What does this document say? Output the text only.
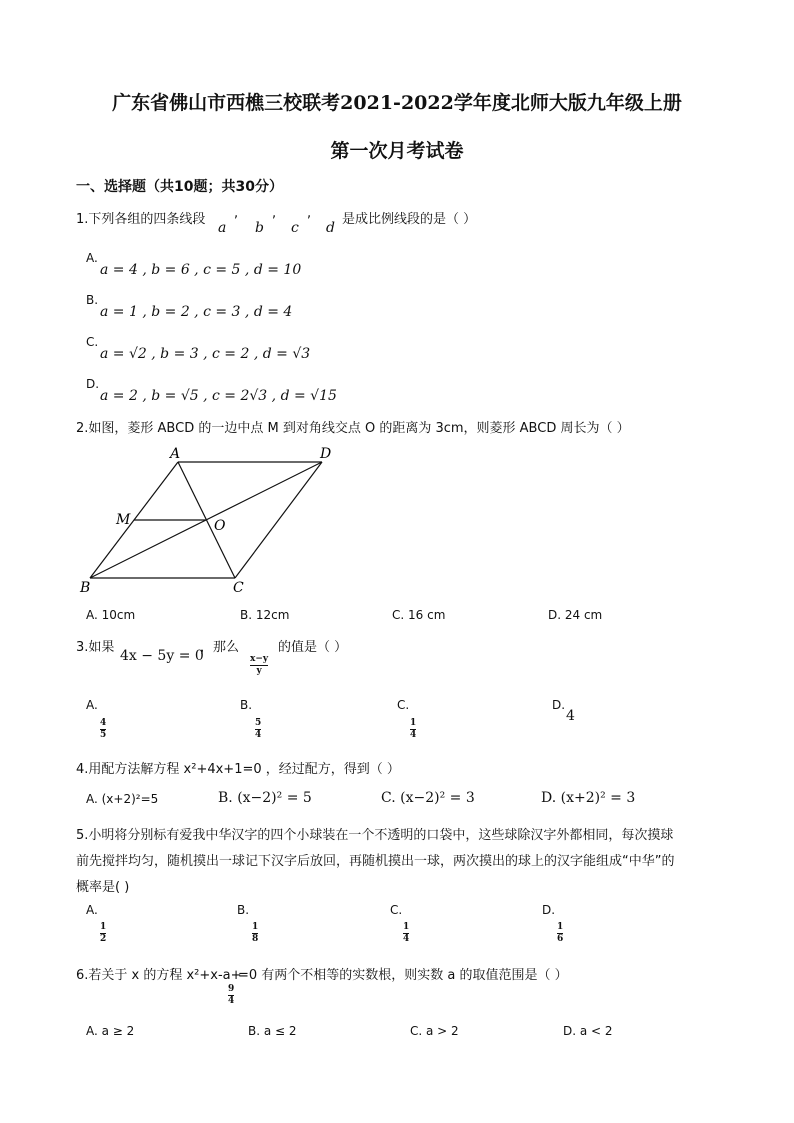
广东省佛山市西樵三校联考2021-2022学年度北师大版九年级上册
第一次月考试卷
一、选择题（共10题；共30分）
1.下列各组的四条线段
a
,
b
,
c
,
d
是成比例线段的是（ ）
A.
a = 4 , b = 6 , c = 5 , d = 10
B.
a = 1 , b = 2 , c = 3 , d = 4
C.
a = √2 , b = 3 , c = 2 , d = √3
D.
a = 2 , b = √5 , c = 2√3 , d = √15
2.如图，菱形 ABCD 的一边中点 M 到对角线交点 O 的距离为 3cm，则菱形 ABCD 周长为（ ）
A	D
M	O
B	C
A. 10cm	B. 12cm	C. 16 cm	D. 24 cm
3.如果
4x − 5y = 0
，那么
$\frac{x-y}{y}$
的值是（ ）
A.
$\frac{4}{5}$
B.
$\frac{5}{4}$
C.
$\frac{1}{4}$
D.
4
4.用配方法解方程 x²+4x+1=0 ，经过配方，得到（ ）
A. (x+2)²=5	B. (x−2)² = 5	C. (x−2)² = 3	D. (x+2)² = 3
5.小明将分别标有爱我中华汉字的四个小球装在一个不透明的口袋中，这些球除汉字外都相同，每次摸球
前先搅拌均匀，随机摸出一球记下汉字后放回，再随机摸出一球，两次摸出的球上的汉字能组成“中华”的
概率是( )
A.
$\frac{1}{2}$
B.
$\frac{1}{8}$
C.
$\frac{1}{4}$
D.
$\frac{1}{6}$
6.若关于 x 的方程 x²+x-a+
$\frac{9}{4}$
=0 有两个不相等的实数根，则实数 a 的取值范围是（ ）
A. a ≥ 2	B. a ≤ 2	C. a > 2	D. a < 2
